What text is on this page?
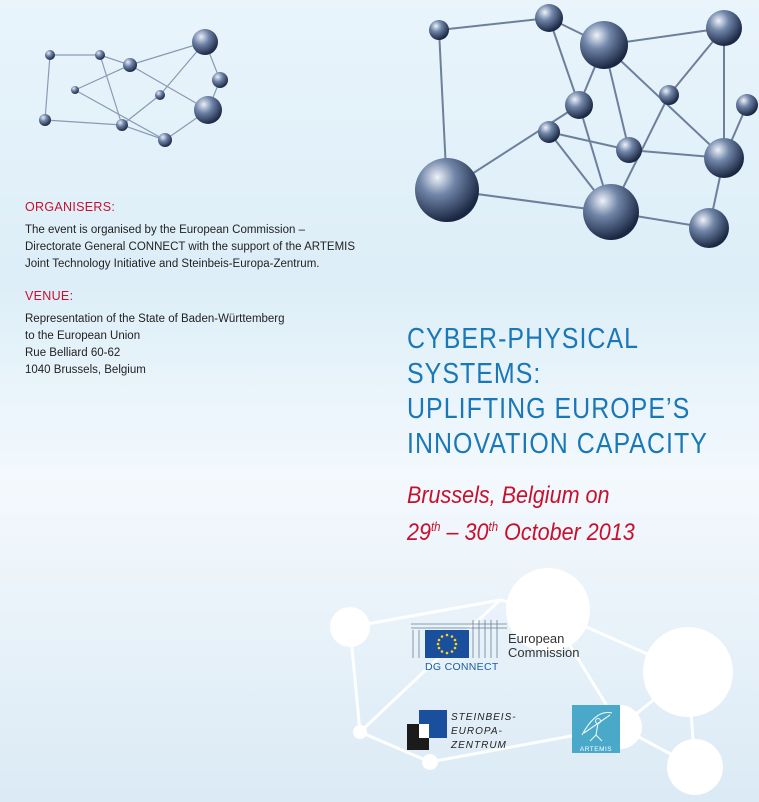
ORGANISERS:

The event is organised by the European Commission –
Directorate General CONNECT with the support of the ARTEMIS
Joint Technology Initiative and Steinbeis-Europa-Zentrum.

VENUE:

Representation of the State of Baden-Württemberg
to the European Union
Rue Belliard 60-62
1040 Brussels, Belgium

CYBER-PHYSICAL

SYSTEMS:

UPLIFTING EUROPE’S

INNOVATION CAPACITY

Brussels, Belgium on

29th – 30th October 2013

European
Commission
DG CONNECT
STEINBEIS-
EUROPA-
ZENTRUM	ARTEMIS
